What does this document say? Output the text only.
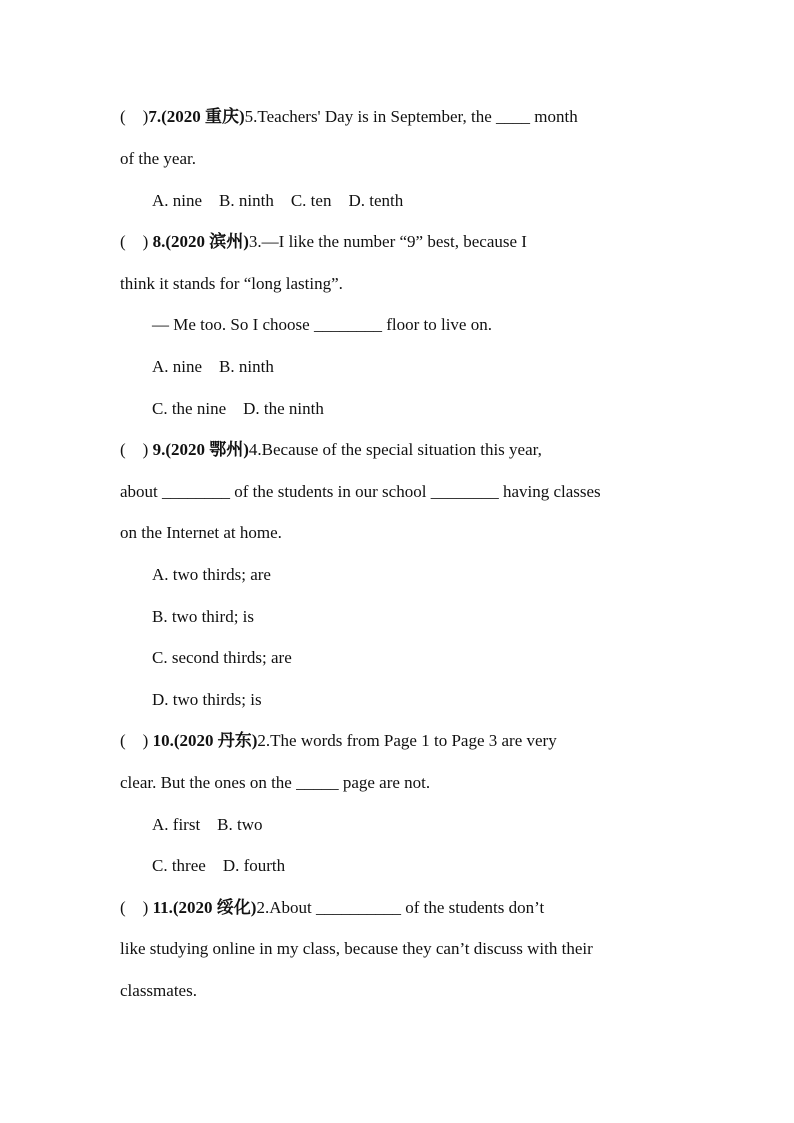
(　)7.(2020 重庆)5.Teachers' Day is in September, the ____ month
of the year.
A. nine    B. ninth    C. ten    D. tenth
(　) 8.(2020 滨州)3.—I like the number “9” best, because I
think it stands for “long lasting”.
— Me too. So I choose ________ floor to live on.
A. nine    B. ninth
C. the nine    D. the ninth
(　) 9.(2020 鄂州)4.Because of the special situation this year,
about ________ of the students in our school ________ having classes
on the Internet at home.
A. two thirds; are
B. two third; is
C. second thirds; are
D. two thirds; is
(　) 10.(2020 丹东)2.The words from Page 1 to Page 3 are very
clear. But the ones on the _____ page are not.
A. first    B. two
C. three    D. fourth
(　) 11.(2020 绥化)2.About __________ of the students don’t
like studying online in my class, because they can’t discuss with their
classmates.
